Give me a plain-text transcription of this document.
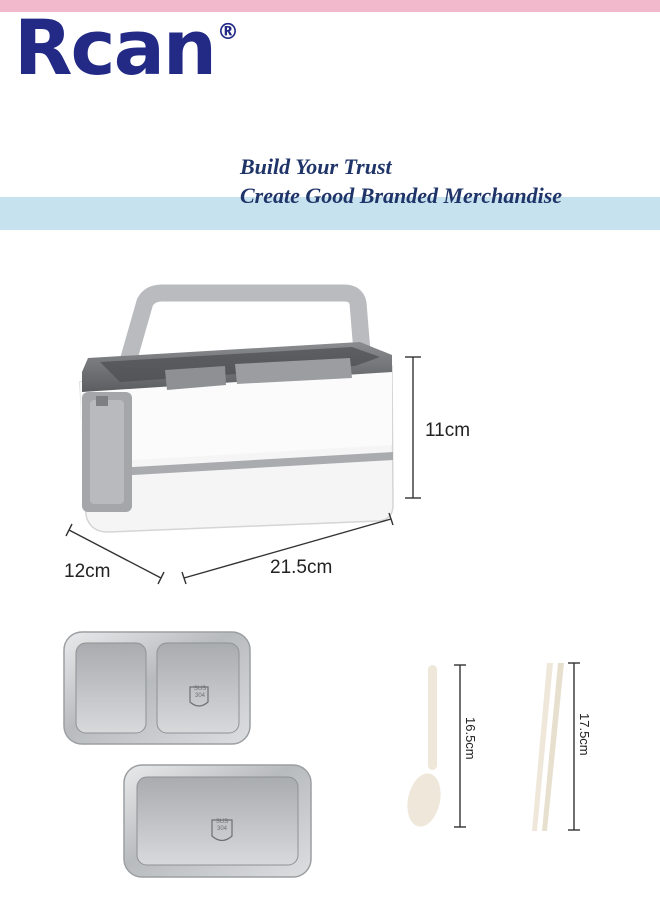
Rcan®
Build Your Trust
Create Good Branded Merchandise
11cm
12cm	21.5cm
16.5cm	17.5cm
SUS
304
SUS
304
